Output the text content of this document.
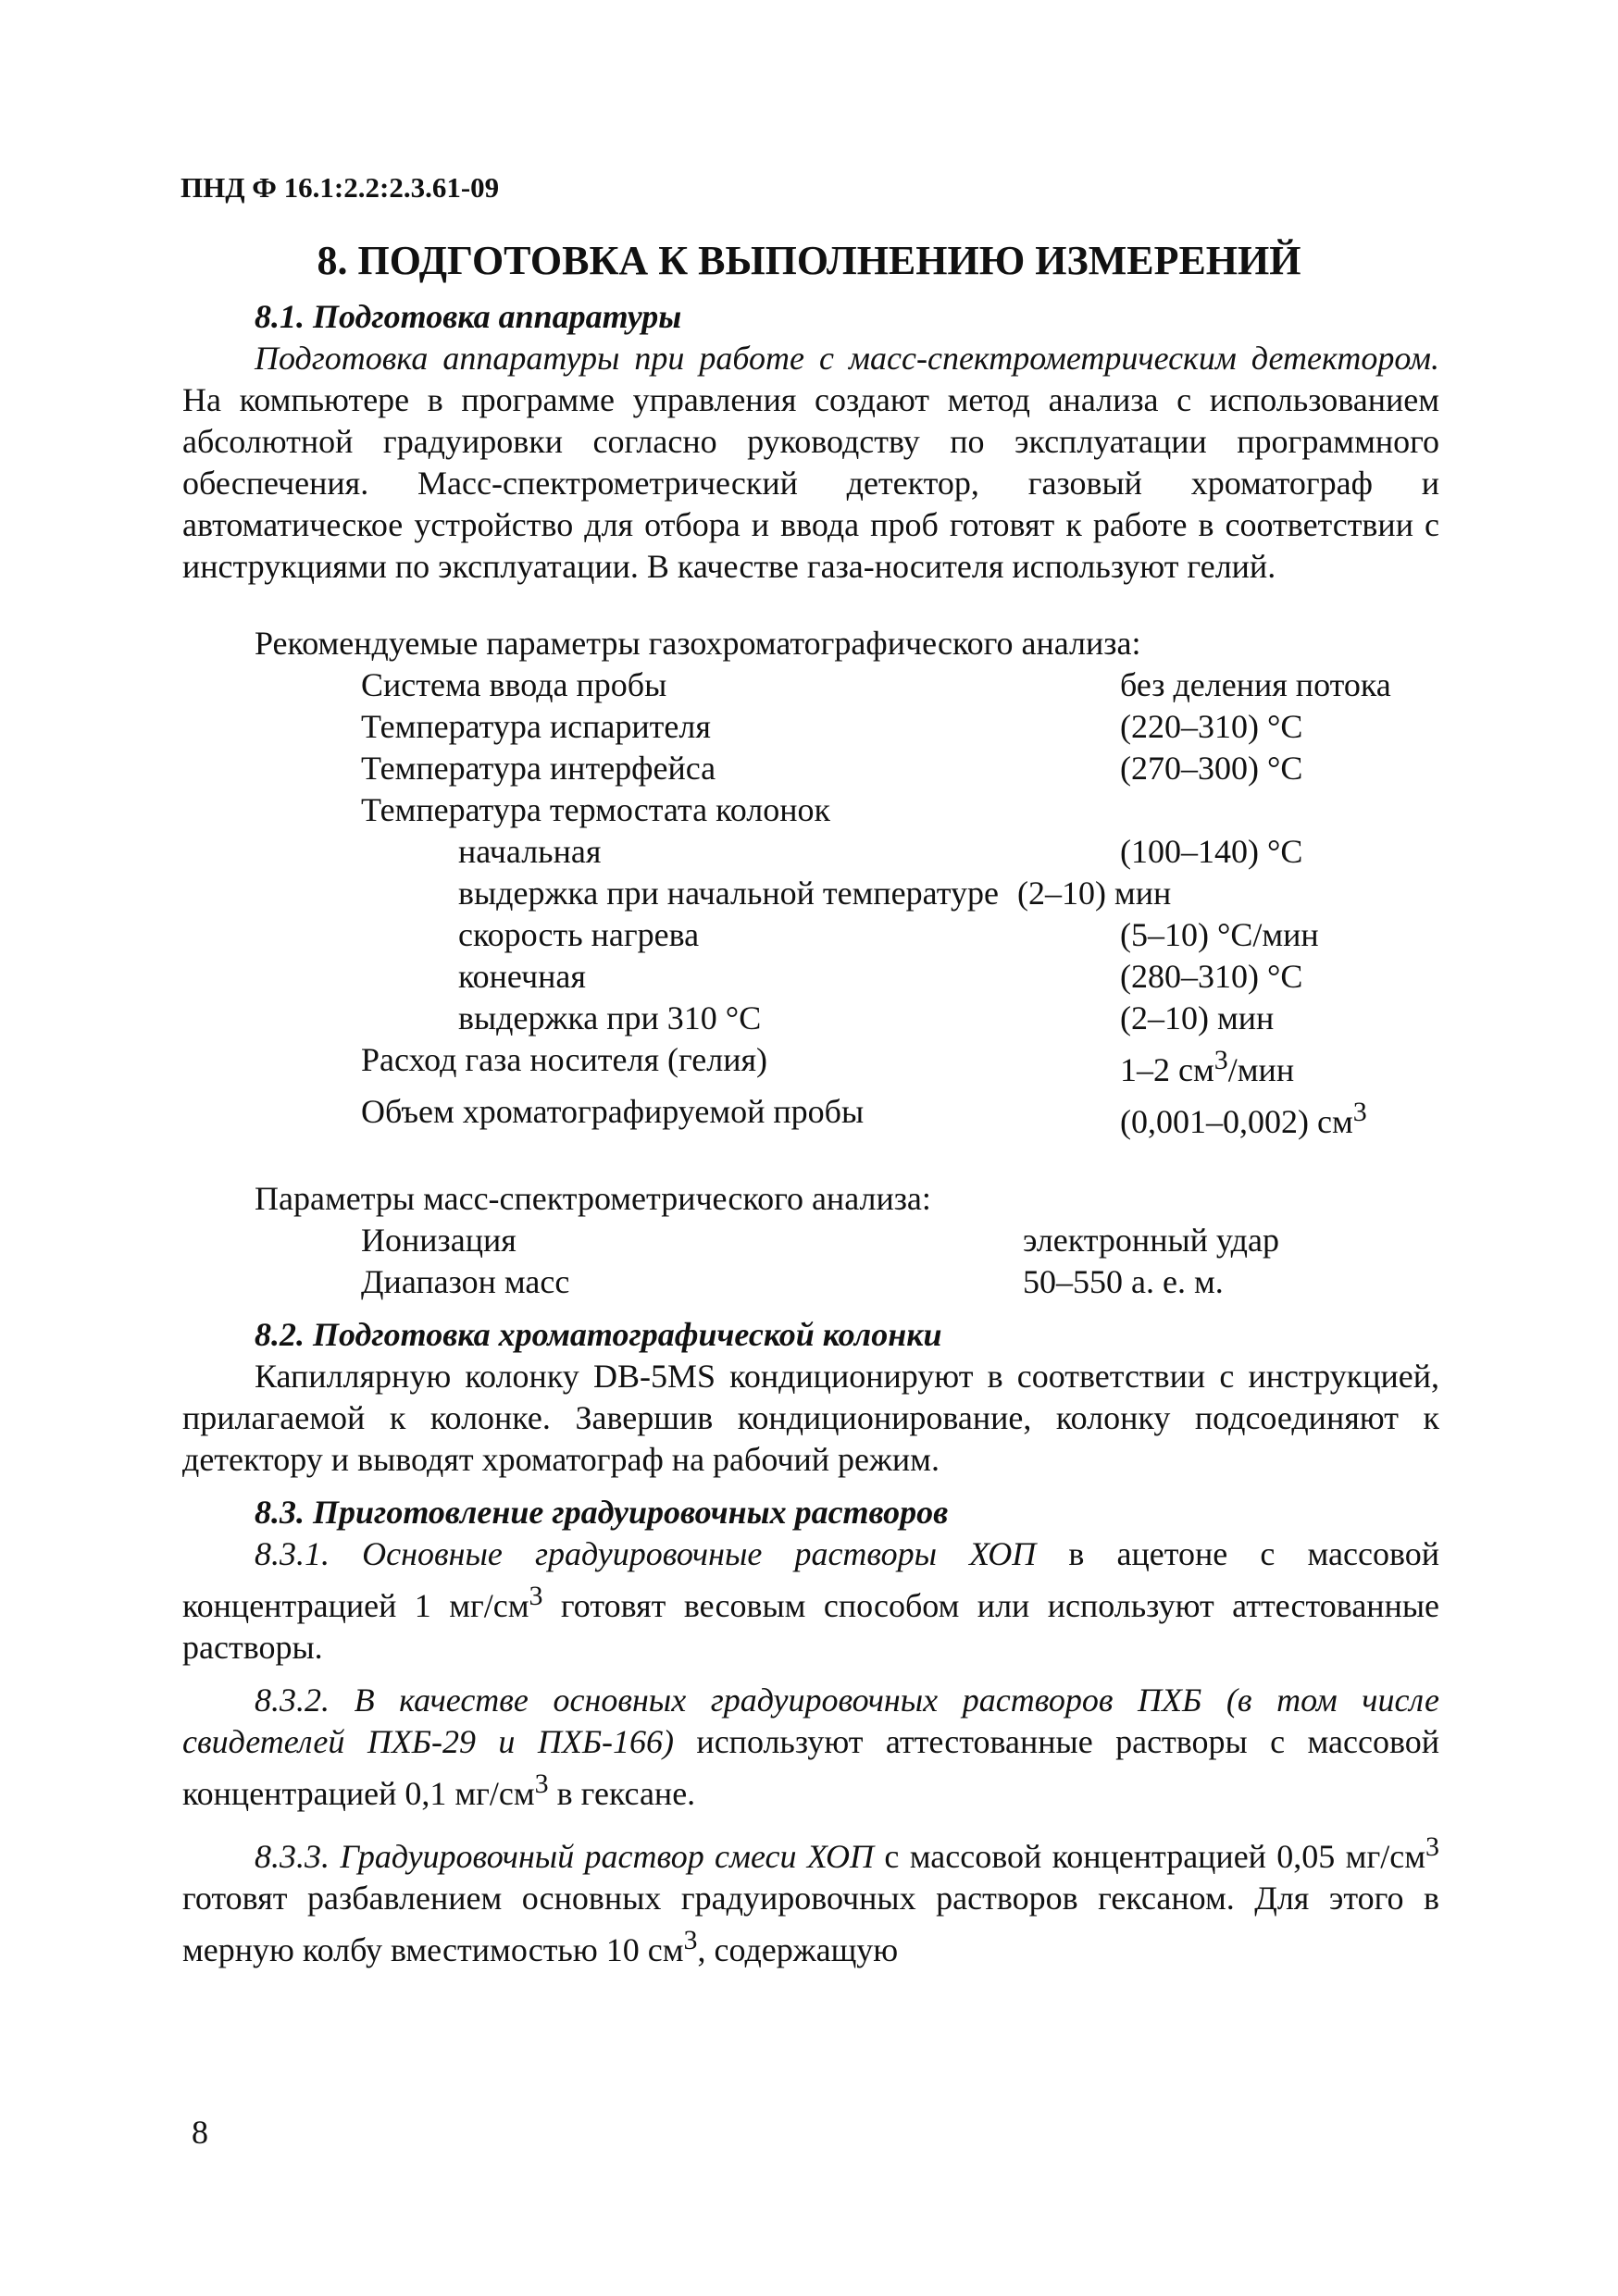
ПНД Ф 16.1:2.2:2.3.61-09
8. ПОДГОТОВКА К ВЫПОЛНЕНИЮ ИЗМЕРЕНИЙ

8.1. Подготовка аппаратуры

Подготовка аппаратуры при работе с масс-спектрометрическим детектором. На компьютере в программе управления создают метод анализа с использованием абсолютной градуировки согласно руководству по эксплуатации программного обеспечения. Масс-спектрометрический детектор, газовый хроматограф и автоматическое устройство для отбора и ввода проб готовят к работе в соответствии с инструкциями по эксплуатации. В качестве газа-носителя используют гелий.

Рекомендуемые параметры газохроматографического анализа:

Система ввода пробы	без деления потока
Температура испарителя	(220–310) °С
Температура интерфейса	(270–300) °С
Температура термостата колонок	
начальная	(100–140) °С
выдержка при начальной температуре (2–10) мин	
скорость нагрева	(5–10) °С/мин
конечная	(280–310) °С
выдержка при 310 °С	(2–10) мин
Расход газа носителя (гелия)	1–2 $см^3$/мин
Объем хроматографируемой пробы	(0,001–0,002) $см^3$

Параметры масс-спектрометрического анализа:

Ионизация	электронный удар
Диапазон масс	50–550 а. е. м.

8.2. Подготовка хроматографической колонки

Капиллярную колонку DB-5MS кондиционируют в соответствии с инструкцией, прилагаемой к колонке. Завершив кондиционирование, колонку подсоединяют к детектору и выводят хроматограф на рабочий режим.

8.3. Приготовление градуировочных растворов

8.3.1. Основные градуировочные растворы ХОП в ацетоне с массовой концентрацией 1 $мг/см^3$ готовят весовым способом или используют аттестованные растворы.

8.3.2. В качестве основных градуировочных растворов ПХБ (в том числе свидетелей ПХБ-29 и ПХБ-166) используют аттестованные растворы с массовой концентрацией 0,1 $мг/см^3$ в гексане.

8.3.3. Градуировочный раствор смеси ХОП с массовой концентрацией 0,05 $мг/см^3$ готовят разбавлением основных градуировочных растворов гексаном. Для этого в мерную колбу вместимостью 10 $см^3$, содержащую

8
